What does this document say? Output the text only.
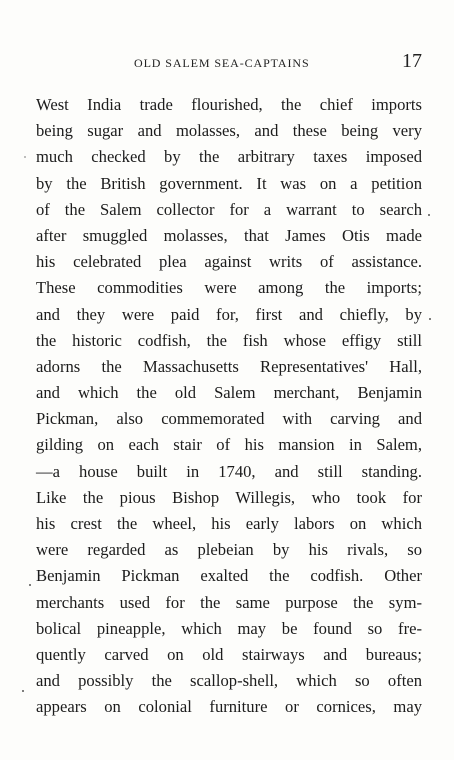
OLD SALEM SEA-CAPTAINS	17
West India trade flourished, the chief imports
being sugar and molasses, and these being very
much checked by the arbitrary taxes imposed
by the British government. It was on a petition
of the Salem collector for a warrant to search
after smuggled molasses, that James Otis made
his celebrated plea against writs of assistance.
These commodities were among the imports;
and they were paid for, first and chiefly, by
the historic codfish, the fish whose effigy still
adorns the Massachusetts Representatives' Hall,
and which the old Salem merchant, Benjamin
Pickman, also commemorated with carving and
gilding on each stair of his mansion in Salem,
—a house built in 1740, and still standing.
Like the pious Bishop Willegis, who took for
his crest the wheel, his early labors on which
were regarded as plebeian by his rivals, so
Benjamin Pickman exalted the codfish. Other
merchants used for the same purpose the sym-
bolical pineapple, which may be found so fre-
quently carved on old stairways and bureaus;
and possibly the scallop-shell, which so often
appears on colonial furniture or cornices, may
